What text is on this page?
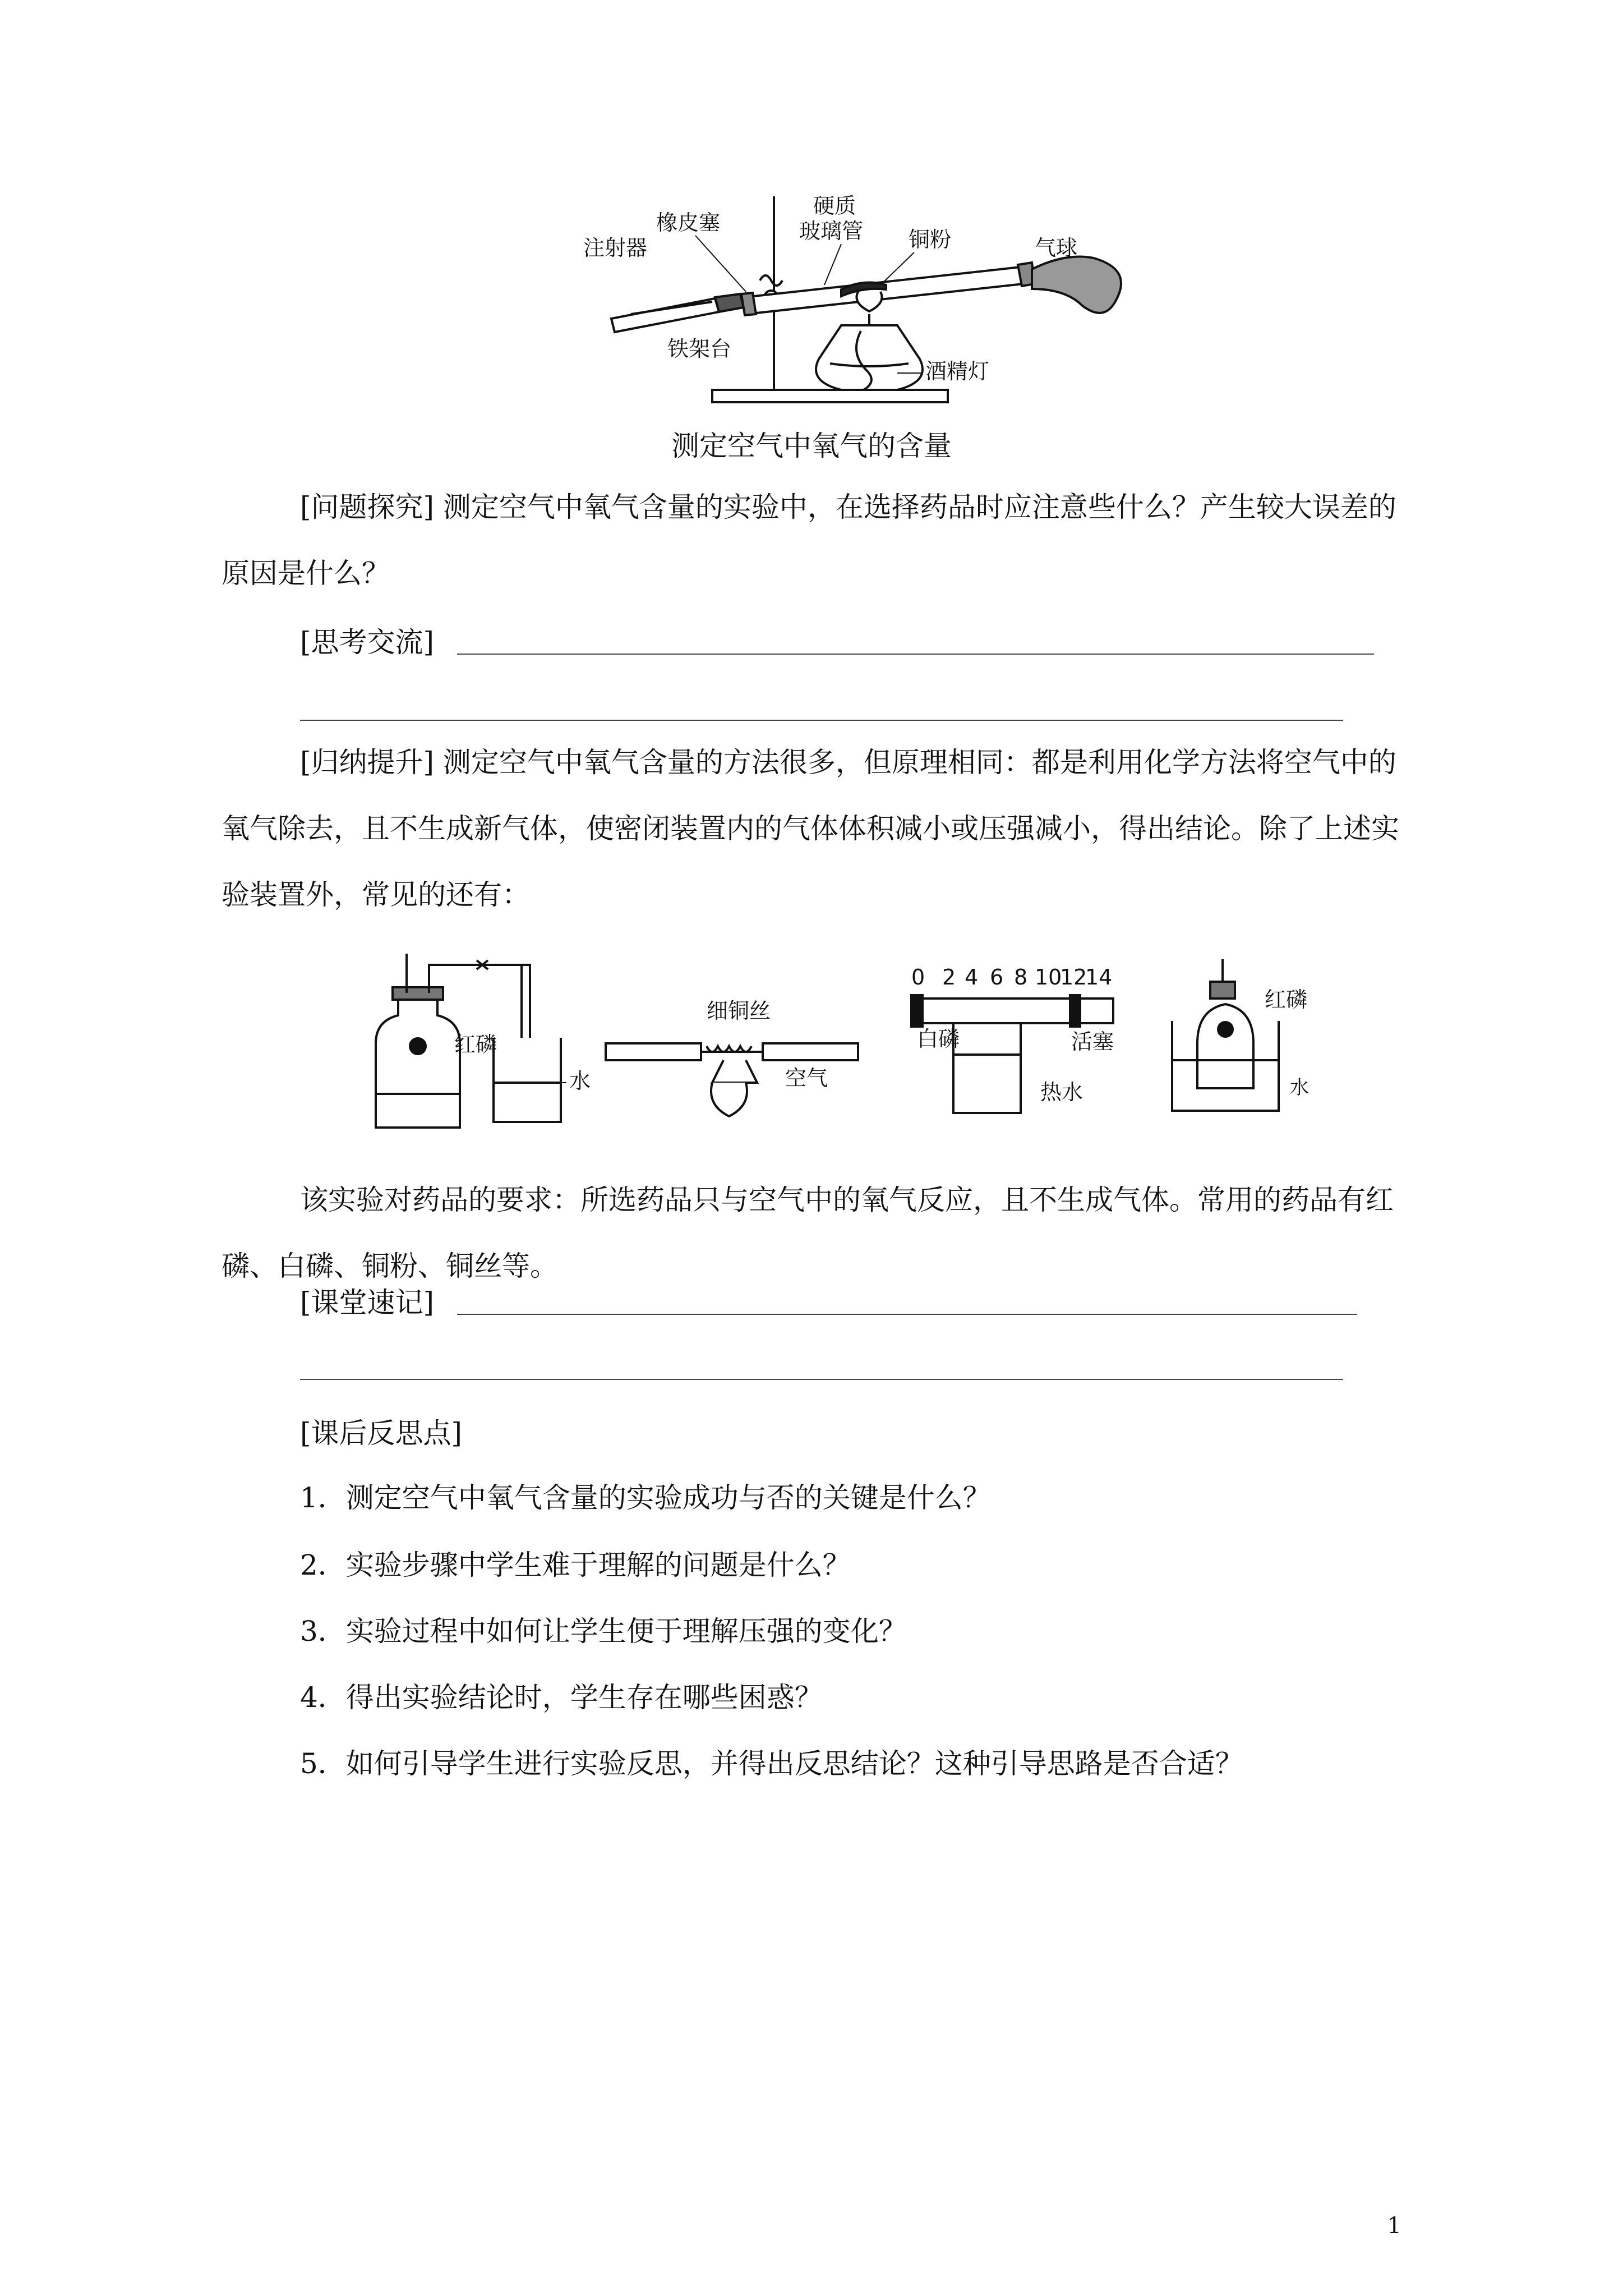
注射器
橡皮塞
硬质
玻璃管 铜粉	气球
铁架台
酒精灯
测定空气中氧气的含量
[问题探究] 测定空气中氧气含量的实验中，在选择药品时应注意些什么？产生较大误差的原因是什么？
[思考交流]
[归纳提升] 测定空气中氧气含量的方法很多，但原理相同：都是利用化学方法将空气中的氧气除去，且不生成新气体，使密闭装置内的气体体积减小或压强减小，得出结论。除了上述实验装置外，常见的还有：
红磷
水
细铜丝
空气
0 2 4 6 8 10
12
14
白磷	活塞
热水
红磷
水
该实验对药品的要求：所选药品只与空气中的氧气反应，且不生成气体。常用的药品有红磷、白磷、铜粉、铜丝等。
[课堂速记]
[课后反思点]
1．测定空气中氧气含量的实验成功与否的关键是什么？
2．实验步骤中学生难于理解的问题是什么？
3．实验过程中如何让学生便于理解压强的变化？
4．得出实验结论时，学生存在哪些困惑？
5．如何引导学生进行实验反思，并得出反思结论？这种引导思路是否合适？
1
